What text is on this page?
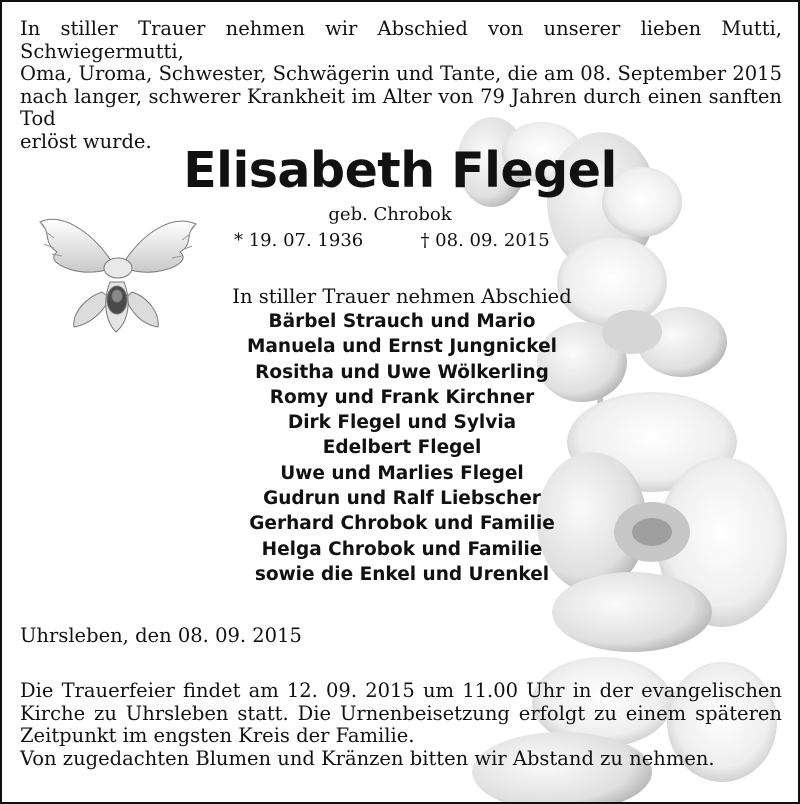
In stiller Trauer nehmen wir Abschied von unserer lieben Mutti, Schwiegermutti,
Oma, Uroma, Schwester, Schwägerin und Tante, die am 08. September 2015
nach langer, schwerer Krankheit im Alter von 79 Jahren durch einen sanften Tod
erlöst wurde.
Elisabeth Flegel
geb. Chrobok
* 19. 07. 1936	† 08. 09. 2015
In stiller Trauer nehmen Abschied
Bärbel Strauch und Mario
Manuela und Ernst Jungnickel
Rositha und Uwe Wölkerling
Romy und Frank Kirchner
Dirk Flegel und Sylvia
Edelbert Flegel
Uwe und Marlies Flegel
Gudrun und Ralf Liebscher
Gerhard Chrobok und Familie
Helga Chrobok und Familie
sowie die Enkel und Urenkel
Uhrsleben, den 08. 09. 2015
Die Trauerfeier findet am 12. 09. 2015 um 11.00 Uhr in der evangelischen
Kirche zu Uhrsleben statt. Die Urnenbeisetzung erfolgt zu einem späteren
Zeitpunkt im engsten Kreis der Familie.
Von zugedachten Blumen und Kränzen bitten wir Abstand zu nehmen.
